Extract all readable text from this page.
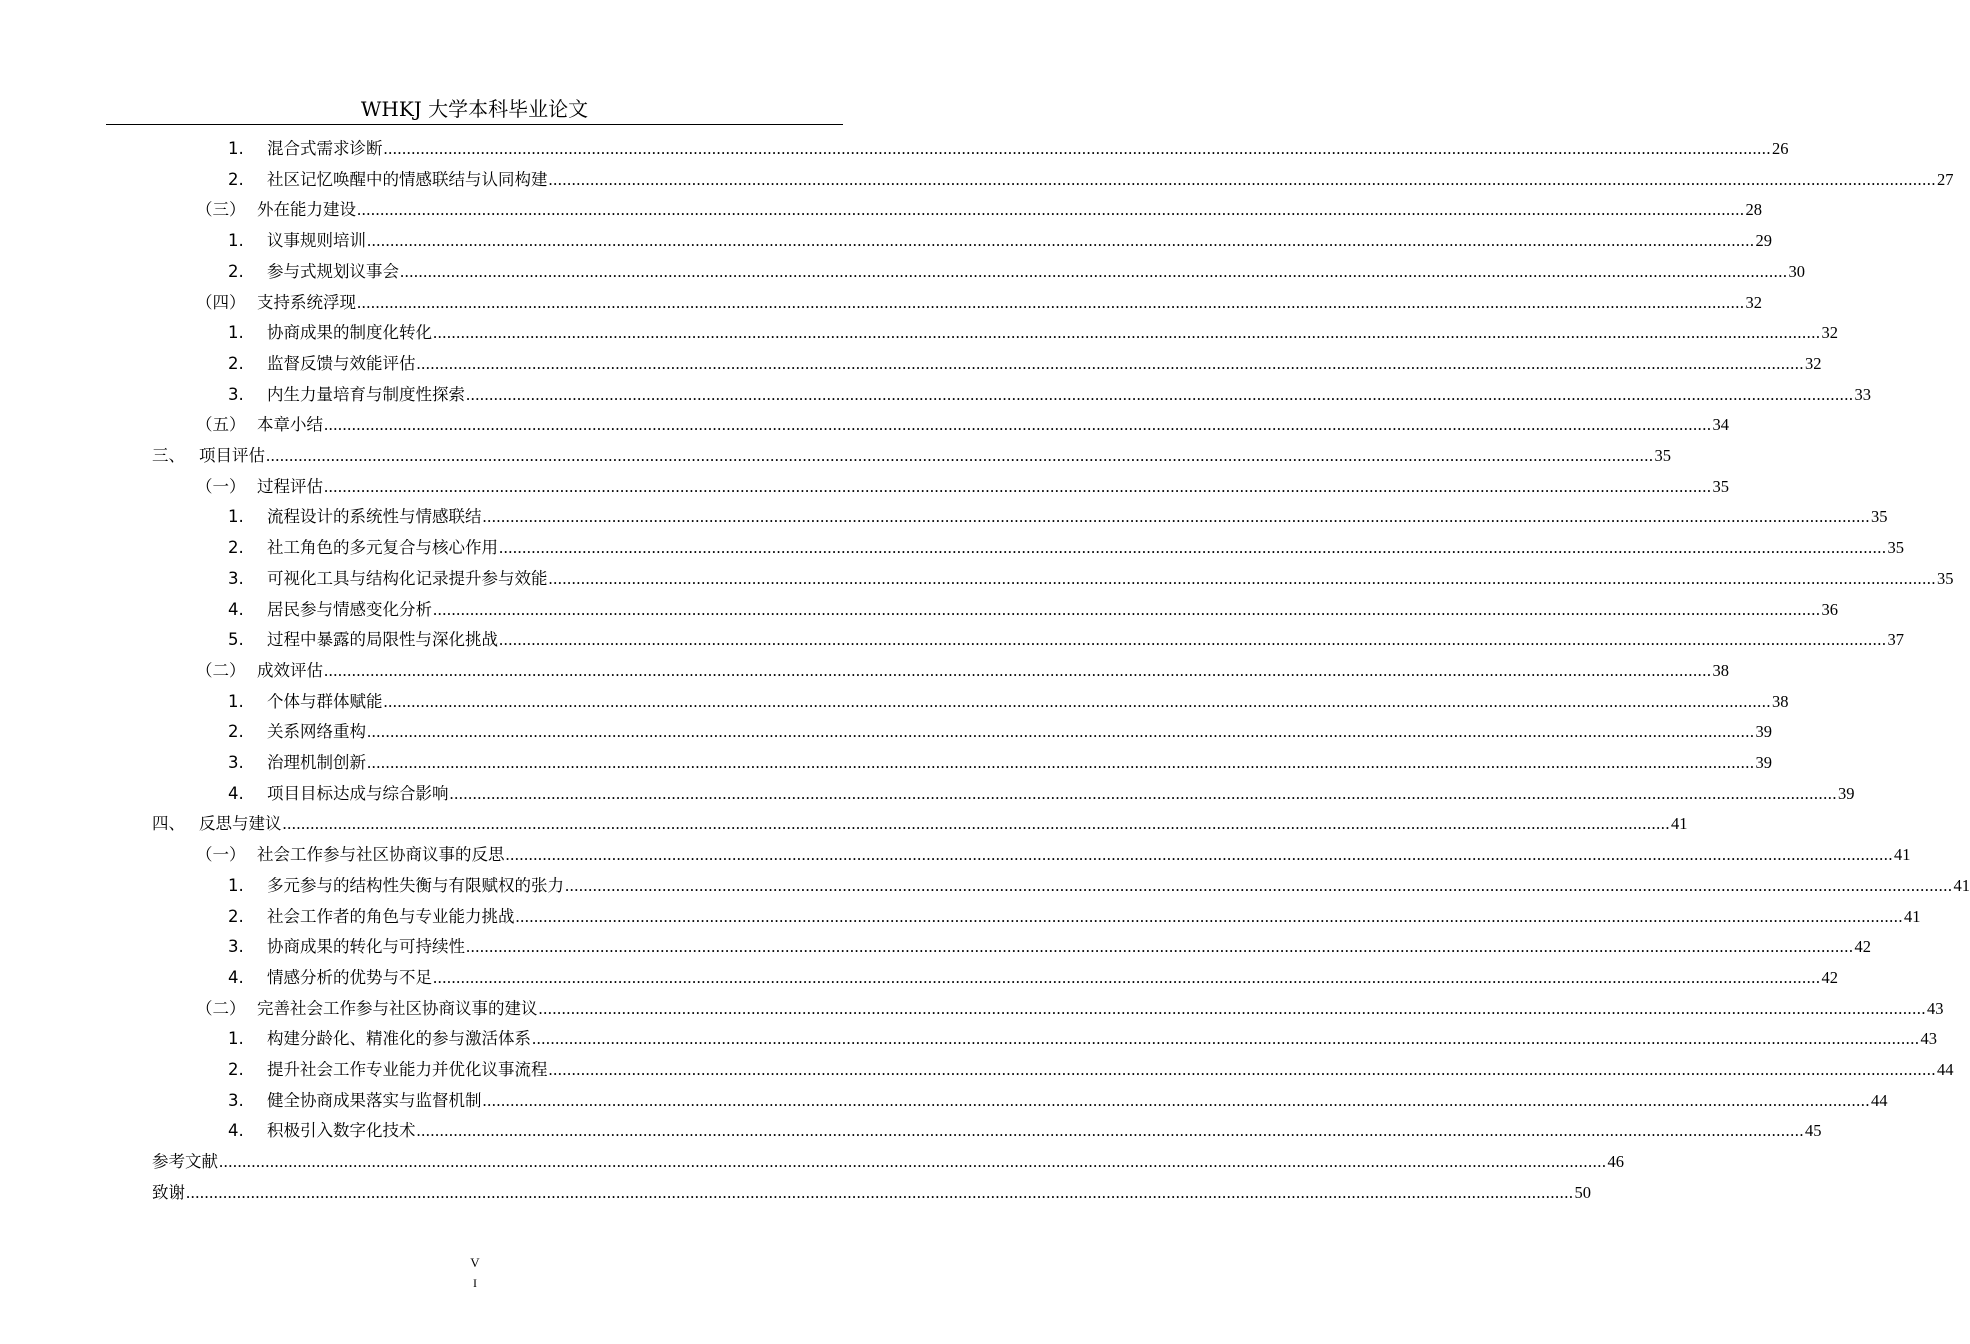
WHKJ 大学本科毕业论文
1. 混合式需求诊断 ............................................................................................................................................................................................................................................................................................................ 26
2. 社区记忆唤醒中的情感联结与认同构建 ............................................................................................................................................................................................................................................................................................................ 27
（三） 外在能力建设 ............................................................................................................................................................................................................................................................................................................ 28
1. 议事规则培训 ............................................................................................................................................................................................................................................................................................................ 29
2. 参与式规划议事会 ............................................................................................................................................................................................................................................................................................................ 30
（四） 支持系统浮现 ............................................................................................................................................................................................................................................................................................................ 32
1. 协商成果的制度化转化 ............................................................................................................................................................................................................................................................................................................ 32
2. 监督反馈与效能评估 ............................................................................................................................................................................................................................................................................................................ 32
3. 内生力量培育与制度性探索 ............................................................................................................................................................................................................................................................................................................ 33
（五） 本章小结 ............................................................................................................................................................................................................................................................................................................ 34
三、 项目评估 ............................................................................................................................................................................................................................................................................................................ 35
（一） 过程评估 ............................................................................................................................................................................................................................................................................................................ 35
1. 流程设计的系统性与情感联结 ............................................................................................................................................................................................................................................................................................................ 35
2. 社工角色的多元复合与核心作用 ............................................................................................................................................................................................................................................................................................................ 35
3. 可视化工具与结构化记录提升参与效能 ............................................................................................................................................................................................................................................................................................................ 35
4. 居民参与情感变化分析 ............................................................................................................................................................................................................................................................................................................ 36
5. 过程中暴露的局限性与深化挑战 ............................................................................................................................................................................................................................................................................................................ 37
（二） 成效评估 ............................................................................................................................................................................................................................................................................................................ 38
1. 个体与群体赋能 ............................................................................................................................................................................................................................................................................................................ 38
2. 关系网络重构 ............................................................................................................................................................................................................................................................................................................ 39
3. 治理机制创新 ............................................................................................................................................................................................................................................................................................................ 39
4. 项目目标达成与综合影响 ............................................................................................................................................................................................................................................................................................................ 39
四、 反思与建议 ............................................................................................................................................................................................................................................................................................................ 41
（一） 社会工作参与社区协商议事的反思 ............................................................................................................................................................................................................................................................................................................ 41
1. 多元参与的结构性失衡与有限赋权的张力 ............................................................................................................................................................................................................................................................................................................ 41
2. 社会工作者的角色与专业能力挑战 ............................................................................................................................................................................................................................................................................................................ 41
3. 协商成果的转化与可持续性 ............................................................................................................................................................................................................................................................................................................ 42
4. 情感分析的优势与不足 ............................................................................................................................................................................................................................................................................................................ 42
（二） 完善社会工作参与社区协商议事的建议 ............................................................................................................................................................................................................................................................................................................ 43
1. 构建分龄化、精准化的参与激活体系 ............................................................................................................................................................................................................................................................................................................ 43
2. 提升社会工作专业能力并优化议事流程 ............................................................................................................................................................................................................................................................................................................ 44
3. 健全协商成果落实与监督机制 ............................................................................................................................................................................................................................................................................................................ 44
4. 积极引入数字化技术 ............................................................................................................................................................................................................................................................................................................ 45
参考文献 ............................................................................................................................................................................................................................................................................................................ 46
致谢 ............................................................................................................................................................................................................................................................................................................ 50
V
I
